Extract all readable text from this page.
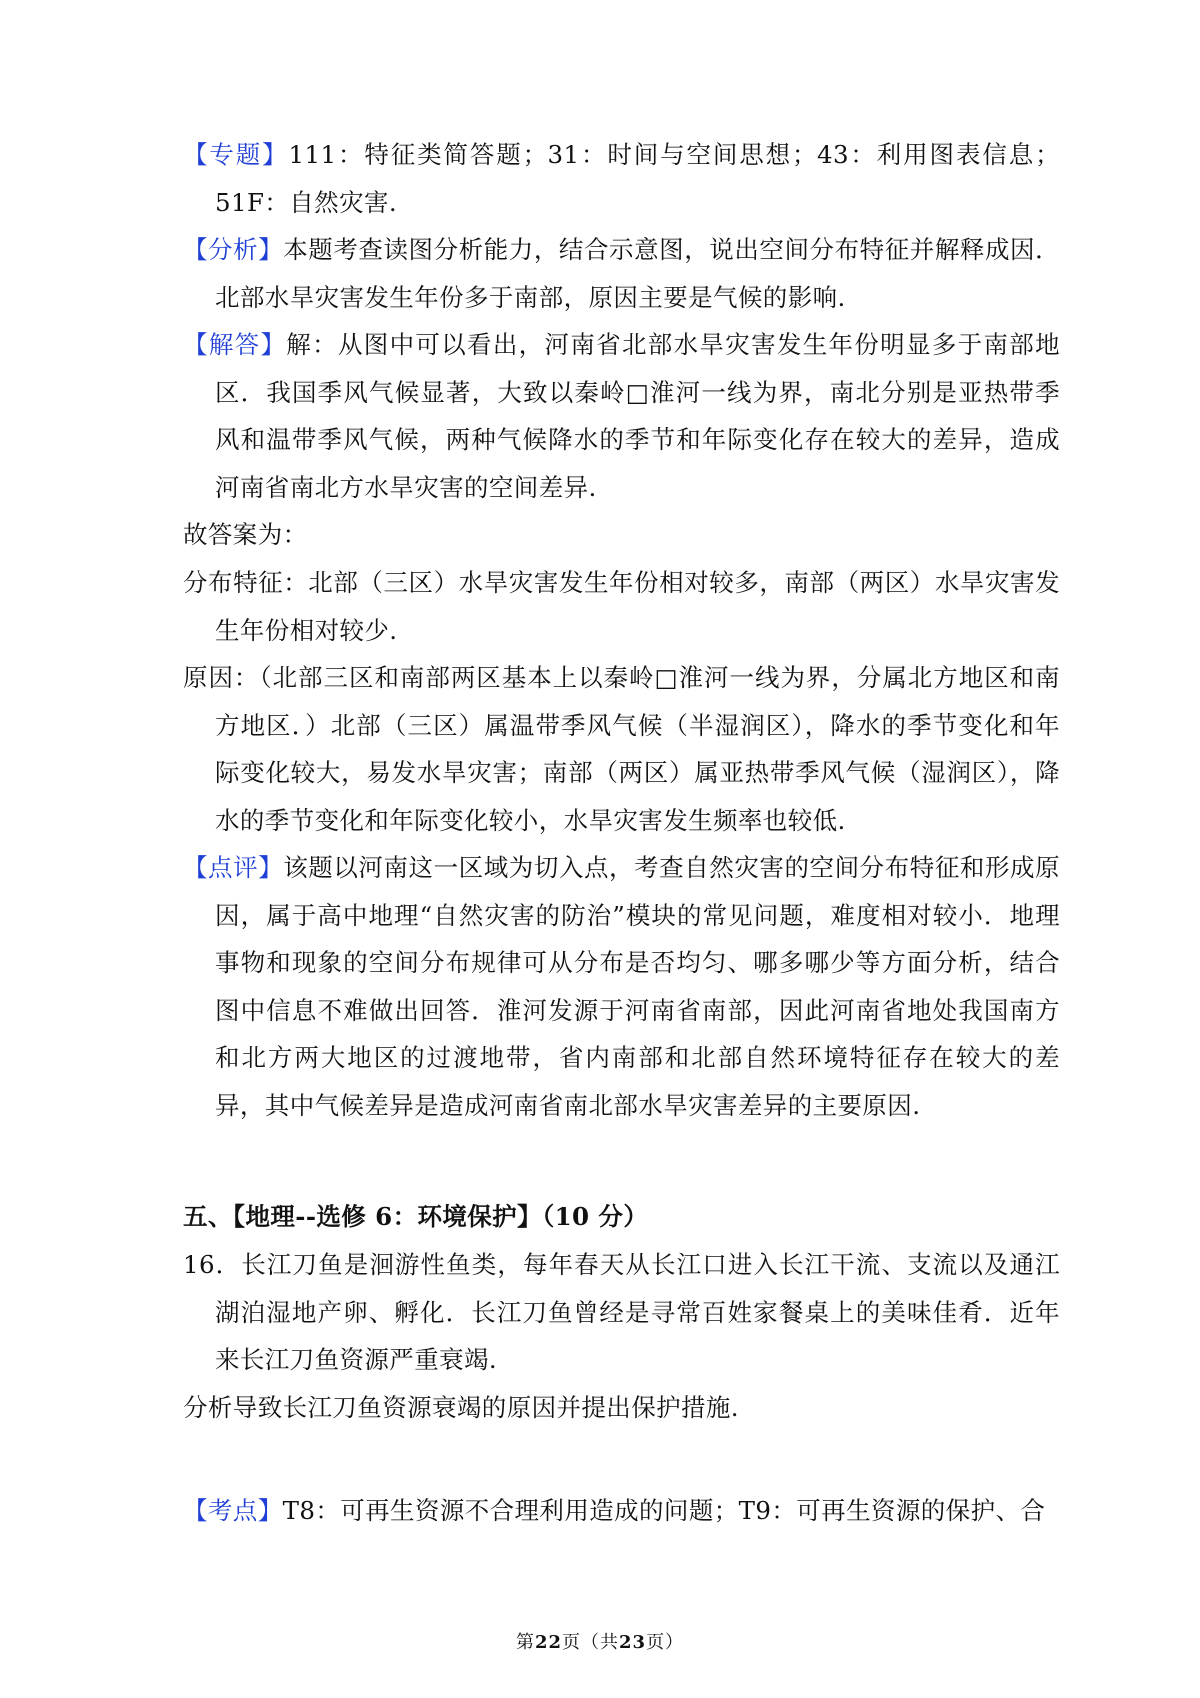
【专题】111：特征类简答题；31：时间与空间思想；43：利用图表信息；51F：自然灾害.
【分析】本题考查读图分析能力，结合示意图，说出空间分布特征并解释成因．北部水旱灾害发生年份多于南部，原因主要是气候的影响.
【解答】解：从图中可以看出，河南省北部水旱灾害发生年份明显多于南部地区．我国季风气候显著，大致以秦岭□淮河一线为界，南北分别是亚热带季风和温带季风气候，两种气候降水的季节和年际变化存在较大的差异，造成河南省南北方水旱灾害的空间差异.
故答案为：
分布特征：北部（三区）水旱灾害发生年份相对较多，南部（两区）水旱灾害发生年份相对较少.
原因：（北部三区和南部两区基本上以秦岭□淮河一线为界，分属北方地区和南方地区．）北部（三区）属温带季风气候（半湿润区），降水的季节变化和年际变化较大，易发水旱灾害；南部（两区）属亚热带季风气候（湿润区），降水的季节变化和年际变化较小，水旱灾害发生频率也较低.
【点评】该题以河南这一区域为切入点，考查自然灾害的空间分布特征和形成原因，属于高中地理“自然灾害的防治”模块的常见问题，难度相对较小．地理事物和现象的空间分布规律可从分布是否均匀、哪多哪少等方面分析，结合图中信息不难做出回答．淮河发源于河南省南部，因此河南省地处我国南方和北方两大地区的过渡地带，省内南部和北部自然环境特征存在较大的差异，其中气候差异是造成河南省南北部水旱灾害差异的主要原因.
五、【地理--选修 6：环境保护】（10 分）
16．长江刀鱼是洄游性鱼类，每年春天从长江口进入长江干流、支流以及通江湖泊湿地产卵、孵化．长江刀鱼曾经是寻常百姓家餐桌上的美味佳肴．近年来长江刀鱼资源严重衰竭.
分析导致长江刀鱼资源衰竭的原因并提出保护措施.
【考点】T8：可再生资源不合理利用造成的问题；T9：可再生资源的保护、合
第22页（共23页）
